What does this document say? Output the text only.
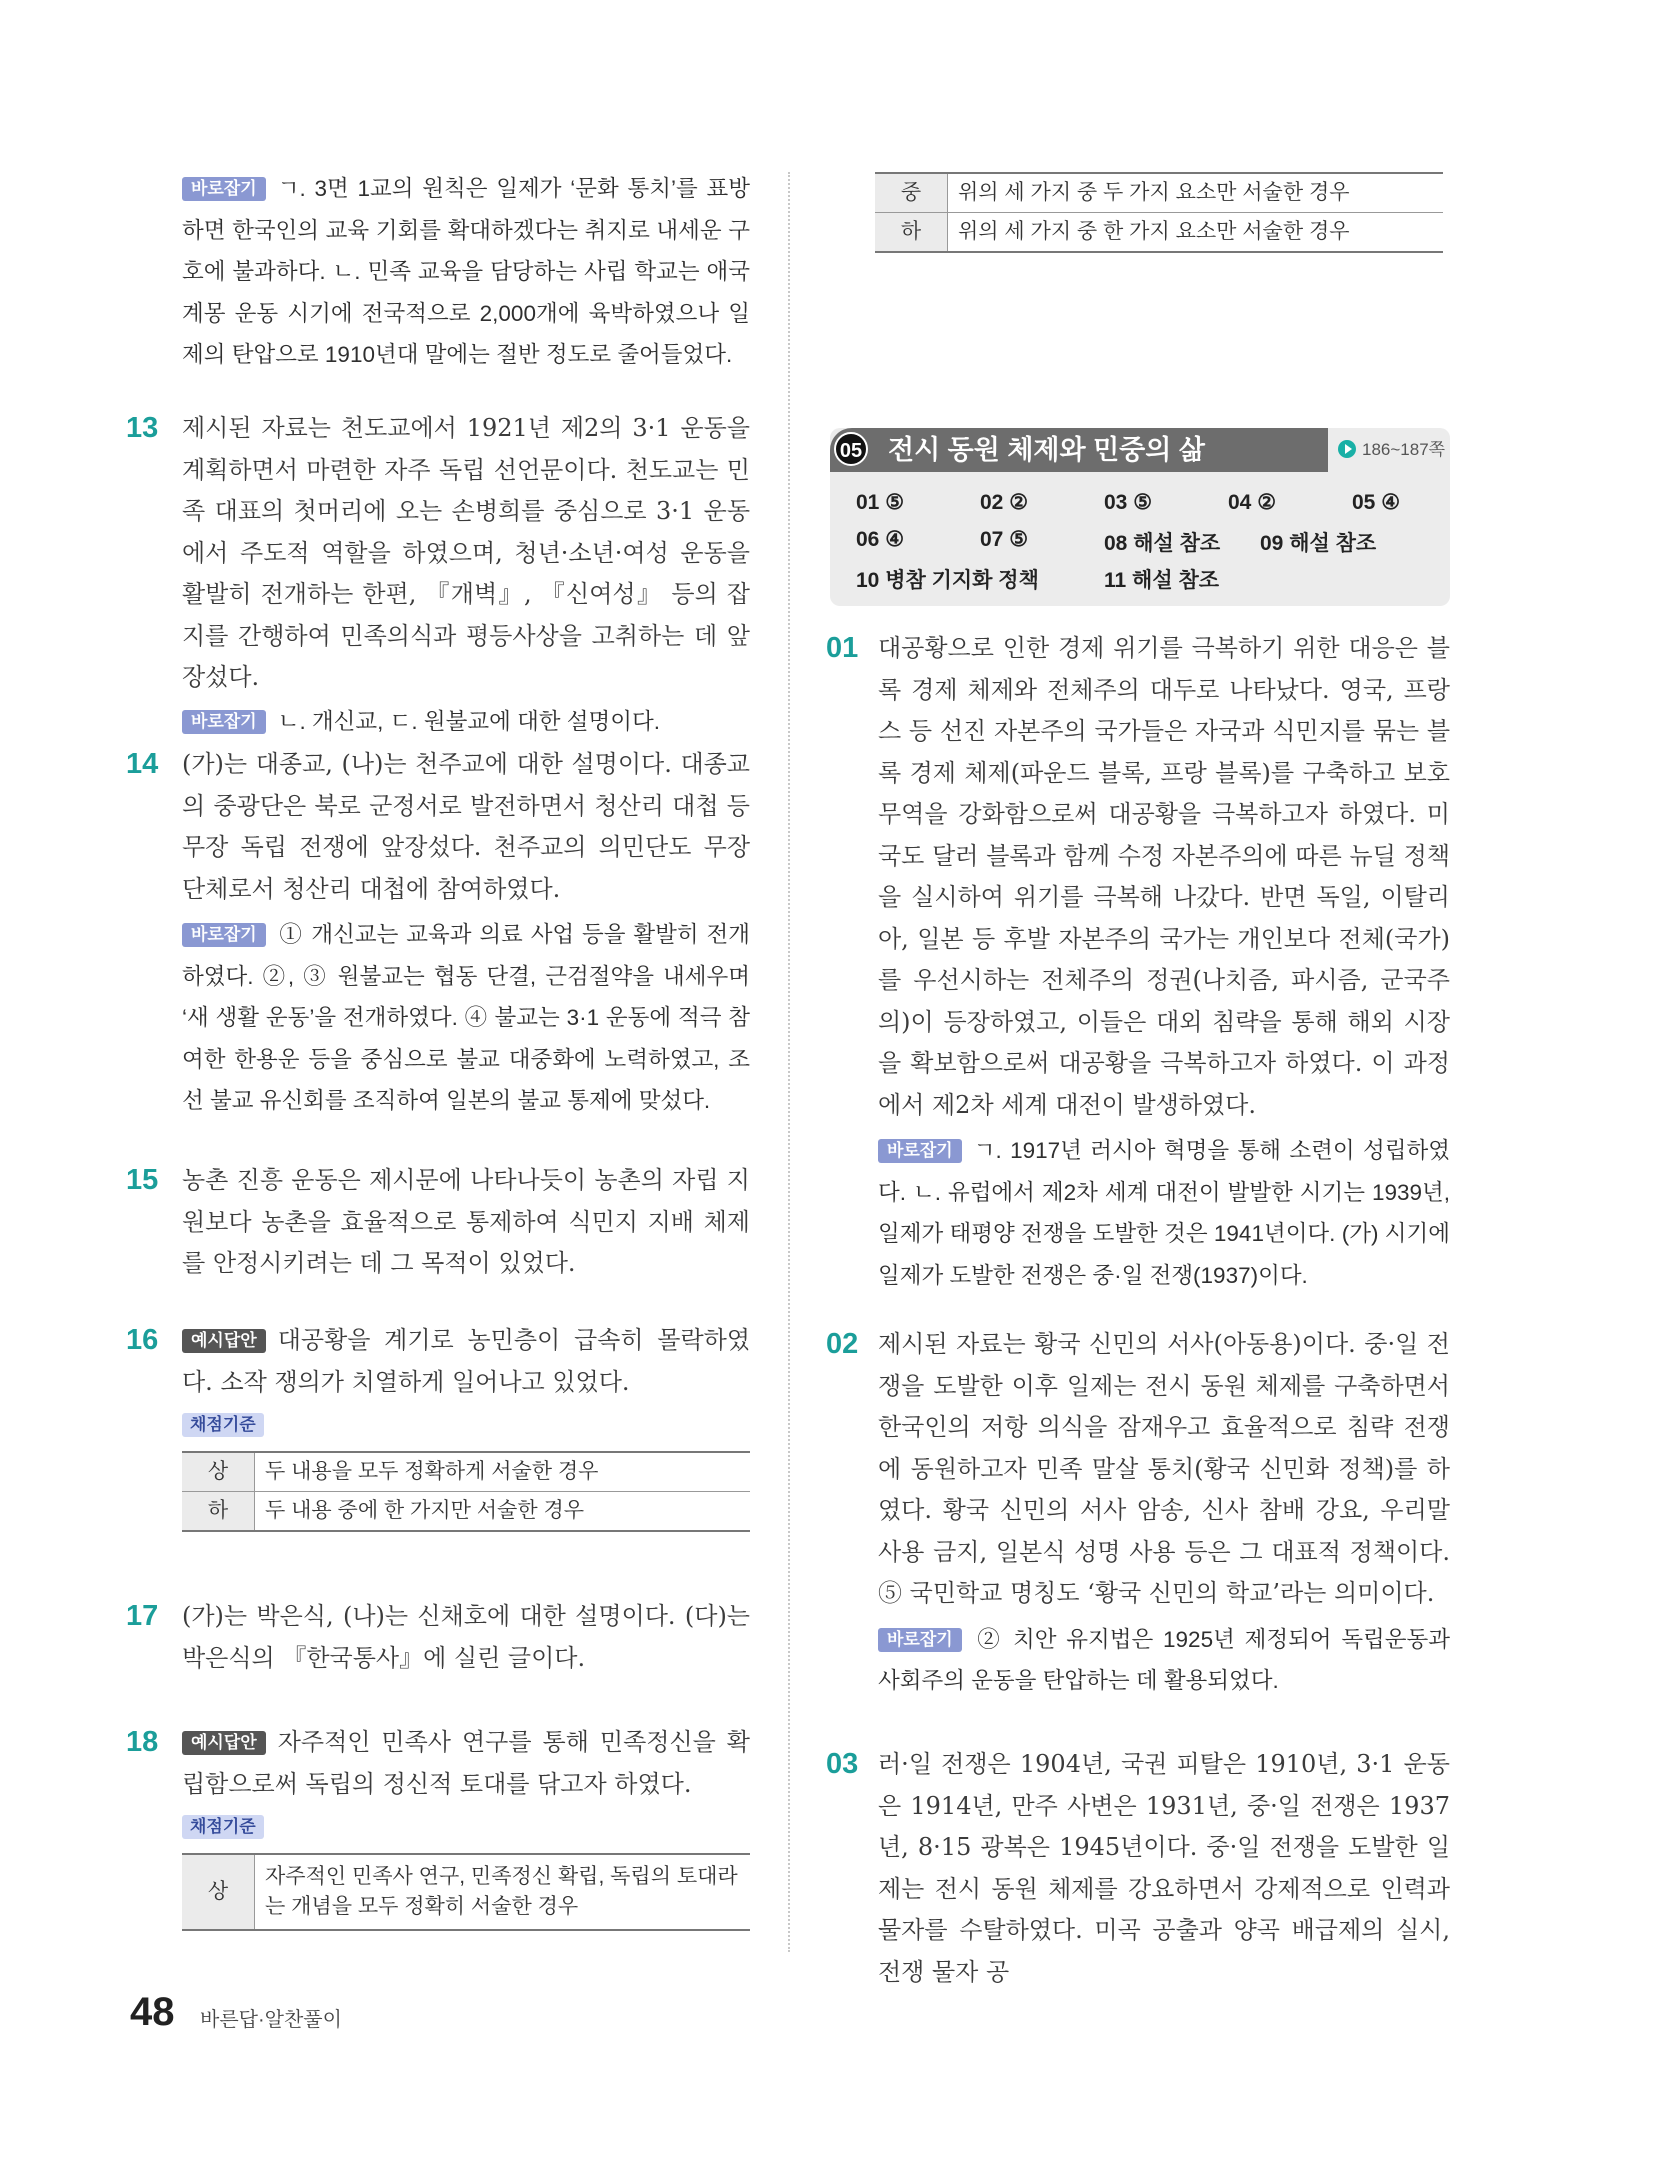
바로잡기 ㄱ. 3면 1교의 원칙은 일제가 ‘문화 통치’를 표방하면 한국인의 교육 기회를 확대하겠다는 취지로 내세운 구호에 불과하다. ㄴ. 민족 교육을 담당하는 사립 학교는 애국 계몽 운동 시기에 전국적으로 2,000개에 육박하였으나 일제의 탄압으로 1910년대 말에는 절반 정도로 줄어들었다.
13 제시된 자료는 천도교에서 1921년 제2의 3·1 운동을 계획하면서 마련한 자주 독립 선언문이다. 천도교는 민족 대표의 첫머리에 오는 손병희를 중심으로 3·1 운동에서 주도적 역할을 하였으며, 청년·소년·여성 운동을 활발히 전개하는 한편, 『개벽』, 『신여성』 등의 잡지를 간행하여 민족의식과 평등사상을 고취하는 데 앞장섰다.
바로잡기 ㄴ. 개신교, ㄷ. 원불교에 대한 설명이다.
14 (가)는 대종교, (나)는 천주교에 대한 설명이다. 대종교의 중광단은 북로 군정서로 발전하면서 청산리 대첩 등 무장 독립 전쟁에 앞장섰다. 천주교의 의민단도 무장 단체로서 청산리 대첩에 참여하였다.
바로잡기 ① 개신교는 교육과 의료 사업 등을 활발히 전개하였다. ②, ③ 원불교는 협동 단결, 근검절약을 내세우며 ‘새 생활 운동’을 전개하였다. ④ 불교는 3·1 운동에 적극 참여한 한용운 등을 중심으로 불교 대중화에 노력하였고, 조선 불교 유신회를 조직하여 일본의 불교 통제에 맞섰다.
15 농촌 진흥 운동은 제시문에 나타나듯이 농촌의 자립 지원보다 농촌을 효율적으로 통제하여 식민지 지배 체제를 안정시키려는 데 그 목적이 있었다.
16	예시답안 대공황을 계기로 농민층이 급속히 몰락하였다. 소작 쟁의가 치열하게 일어나고 있었다.
채점기준
상	두 내용을 모두 정확하게 서술한 경우
하	두 내용 중에 한 가지만 서술한 경우
17 (가)는 박은식, (나)는 신채호에 대한 설명이다. (다)는 박은식의 『한국통사』에 실린 글이다.
18	예시답안 자주적인 민족사 연구를 통해 민족정신을 확립함으로써 독립의 정신적 토대를 닦고자 하였다.
채점기준
상	자주적인 민족사 연구, 민족정신 확립, 독립의 토대라는 개념을 모두 정확히 서술한 경우
중	위의 세 가지 중 두 가지 요소만 서술한 경우
하	위의 세 가지 중 한 가지 요소만 서술한 경우
05 전시 동원 체제와 민중의 삶	186~187쪽
01 ⑤	02 ②	03 ⑤	04 ②	05 ④
06 ④	07 ⑤	08 해설 참조 09 해설 참조
10 병참 기지화 정책	11 해설 참조
01 대공황으로 인한 경제 위기를 극복하기 위한 대응은 블록 경제 체제와 전체주의 대두로 나타났다. 영국, 프랑스 등 선진 자본주의 국가들은 자국과 식민지를 묶는 블록 경제 체제(파운드 블록, 프랑 블록)를 구축하고 보호 무역을 강화함으로써 대공황을 극복하고자 하였다. 미국도 달러 블록과 함께 수정 자본주의에 따른 뉴딜 정책을 실시하여 위기를 극복해 나갔다. 반면 독일, 이탈리아, 일본 등 후발 자본주의 국가는 개인보다 전체(국가)를 우선시하는 전체주의 정권(나치즘, 파시즘, 군국주의)이 등장하였고, 이들은 대외 침략을 통해 해외 시장을 확보함으로써 대공황을 극복하고자 하였다. 이 과정에서 제2차 세계 대전이 발생하였다.
바로잡기 ㄱ. 1917년 러시아 혁명을 통해 소련이 성립하였다. ㄴ. 유럽에서 제2차 세계 대전이 발발한 시기는 1939년, 일제가 태평양 전쟁을 도발한 것은 1941년이다. (가) 시기에 일제가 도발한 전쟁은 중·일 전쟁(1937)이다.
02 제시된 자료는 황국 신민의 서사(아동용)이다. 중·일 전쟁을 도발한 이후 일제는 전시 동원 체제를 구축하면서 한국인의 저항 의식을 잠재우고 효율적으로 침략 전쟁에 동원하고자 민족 말살 통치(황국 신민화 정책)를 하였다. 황국 신민의 서사 암송, 신사 참배 강요, 우리말 사용 금지, 일본식 성명 사용 등은 그 대표적 정책이다. ⑤ 국민학교 명칭도 ‘황국 신민의 학교’라는 의미이다.
바로잡기 ② 치안 유지법은 1925년 제정되어 독립운동과 사회주의 운동을 탄압하는 데 활용되었다.
03 러·일 전쟁은 1904년, 국권 피탈은 1910년, 3·1 운동은 1914년, 만주 사변은 1931년, 중·일 전쟁은 1937년, 8·15 광복은 1945년이다. 중·일 전쟁을 도발한 일제는 전시 동원 체제를 강요하면서 강제적으로 인력과 물자를 수탈하였다. 미곡 공출과 양곡 배급제의 실시, 전쟁 물자 공
48 바른답·알찬풀이
